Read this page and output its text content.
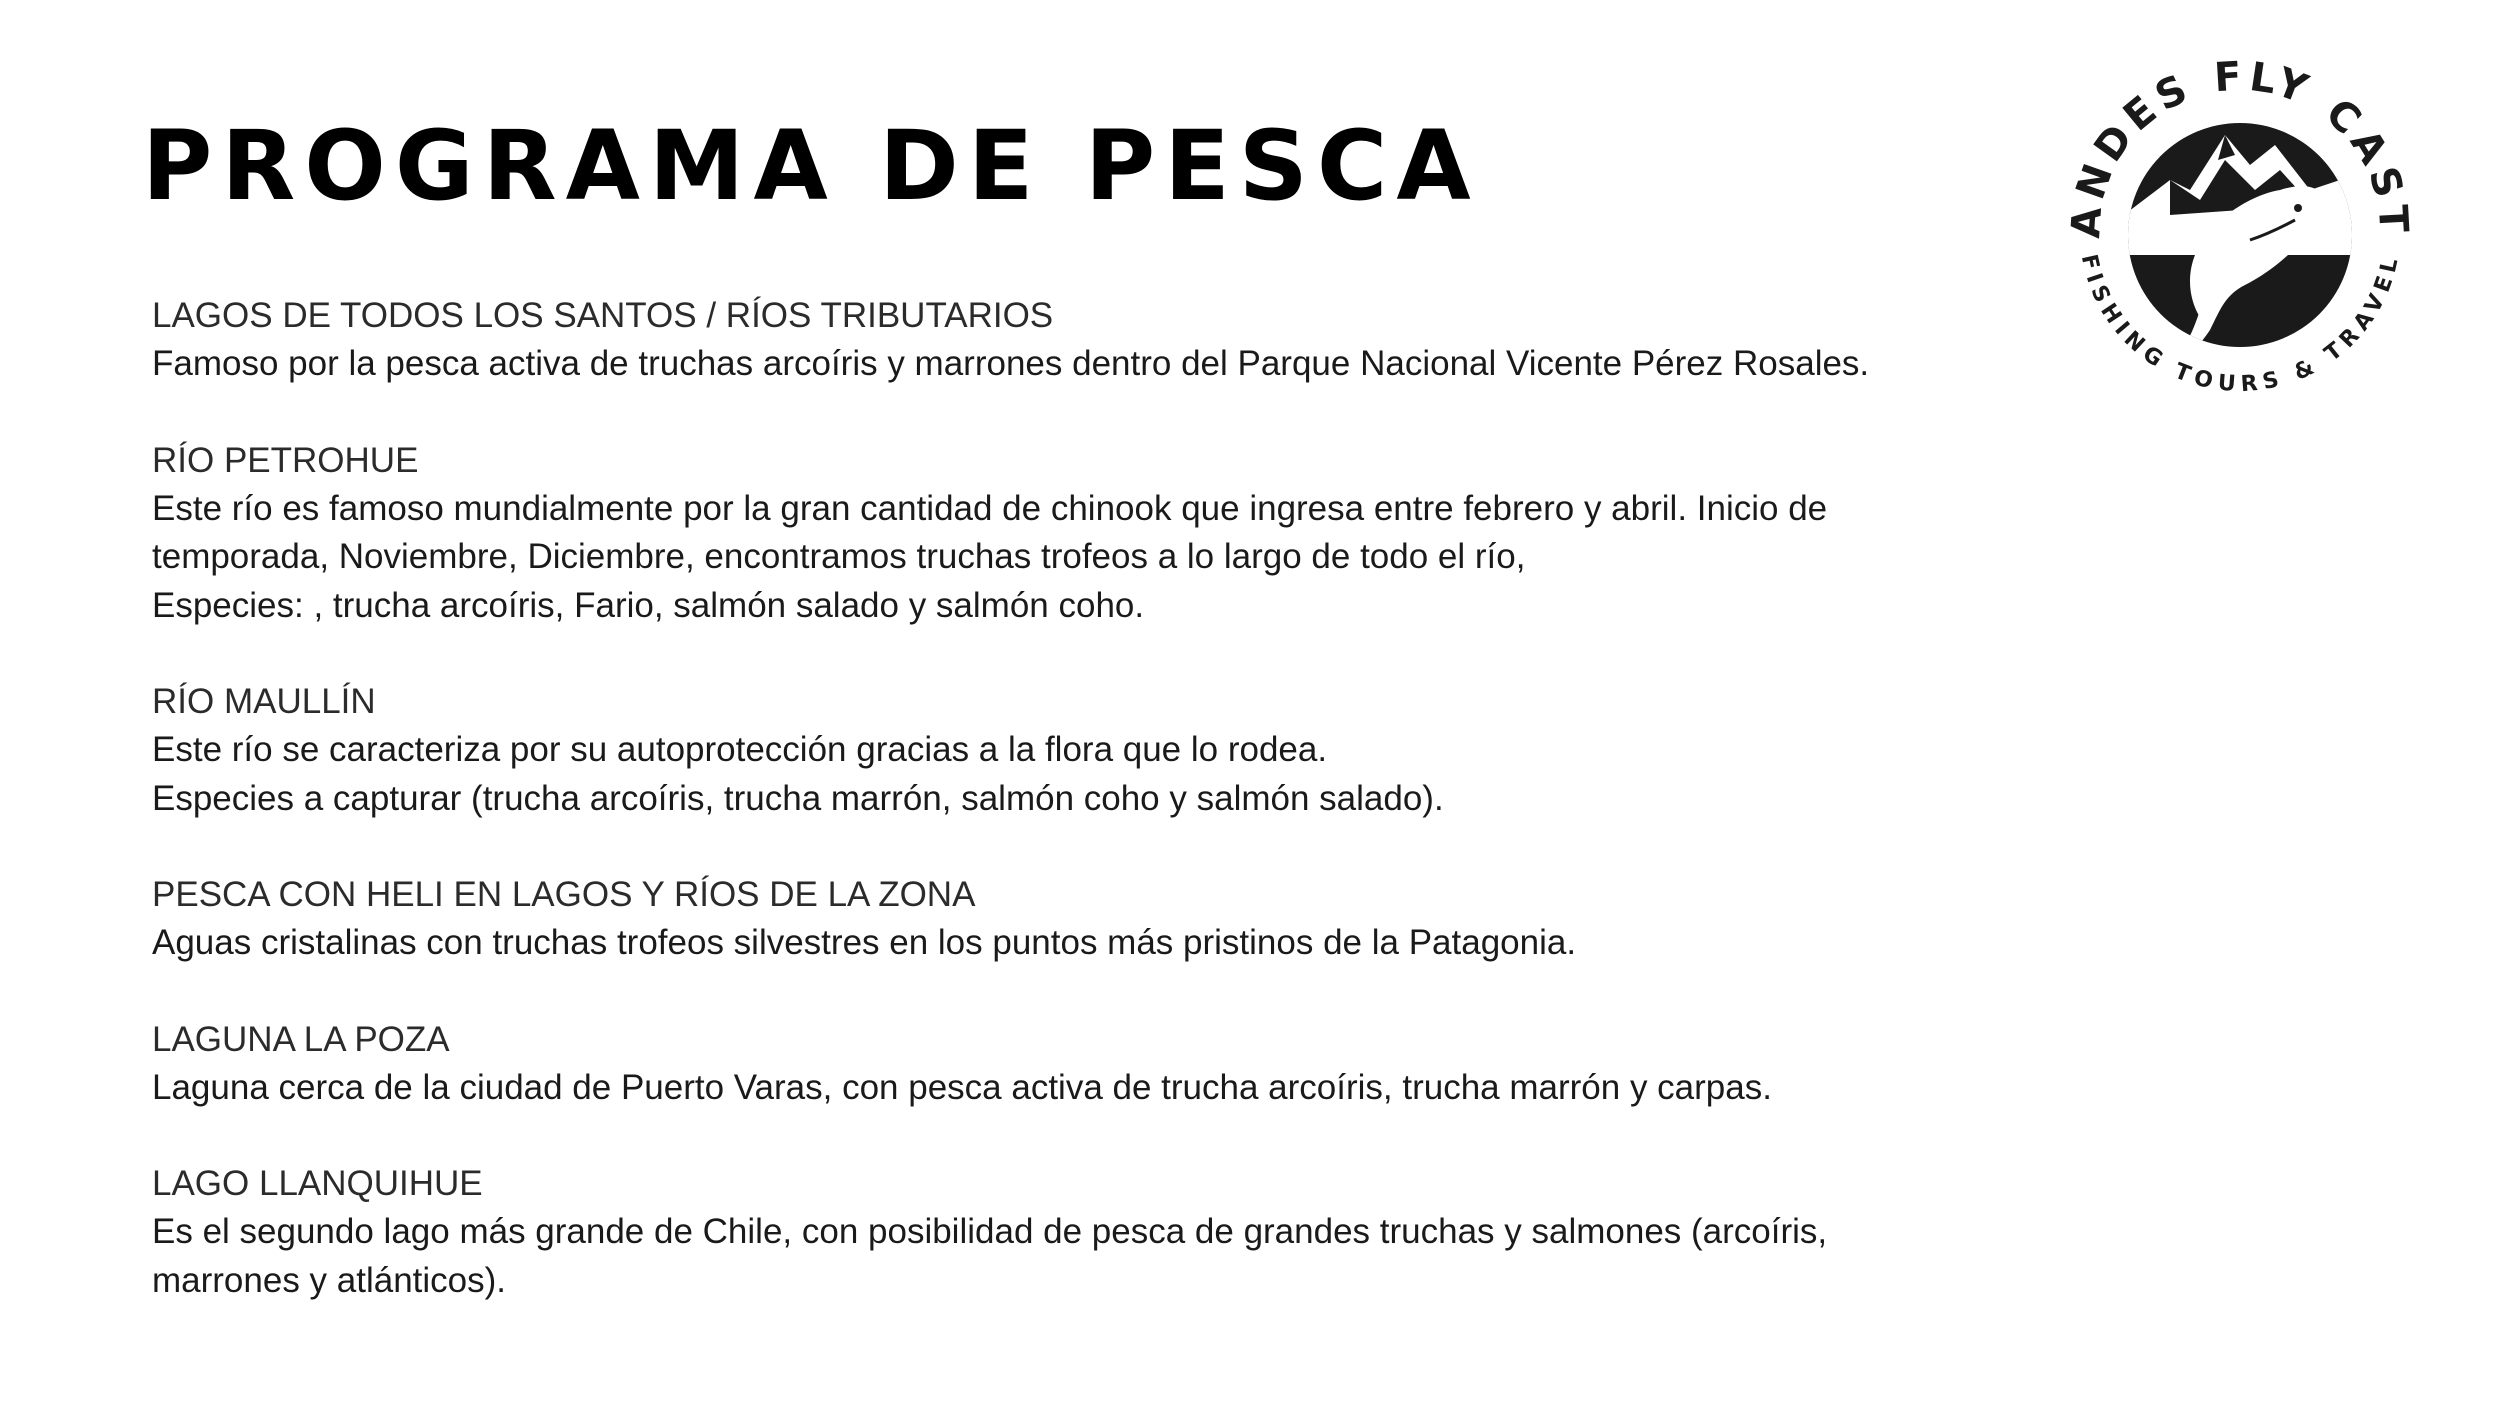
PROGRAMA DE PESCA	ANDES FLY CAST
FISHING TOURS & TRAVEL

LAGOS DE TODOS LOS SANTOS / RÍOS TRIBUTARIOS

Famoso por la pesca activa de truchas arcoíris y marrones dentro del Parque Nacional Vicente Pérez Rosales.

RÍO PETROHUE

Este río es famoso mundialmente por la gran cantidad de chinook que ingresa entre febrero y abril. Inicio de

temporada, Noviembre, Diciembre, encontramos truchas trofeos a lo largo de todo el río,

Especies: , trucha arcoíris, Fario, salmón salado y salmón coho.

RÍO MAULLÍN

Este río se caracteriza por su autoprotección gracias a la flora que lo rodea.

Especies a capturar (trucha arcoíris, trucha marrón, salmón coho y salmón salado).

PESCA CON HELI EN LAGOS Y RÍOS DE LA ZONA

Aguas cristalinas con truchas trofeos silvestres en los puntos más pristinos de la Patagonia.

LAGUNA LA POZA

Laguna cerca de la ciudad de Puerto Varas, con pesca activa de trucha arcoíris, trucha marrón y carpas.

LAGO LLANQUIHUE

Es el segundo lago más grande de Chile, con posibilidad de pesca de grandes truchas y salmones (arcoíris,

marrones y atlánticos).
